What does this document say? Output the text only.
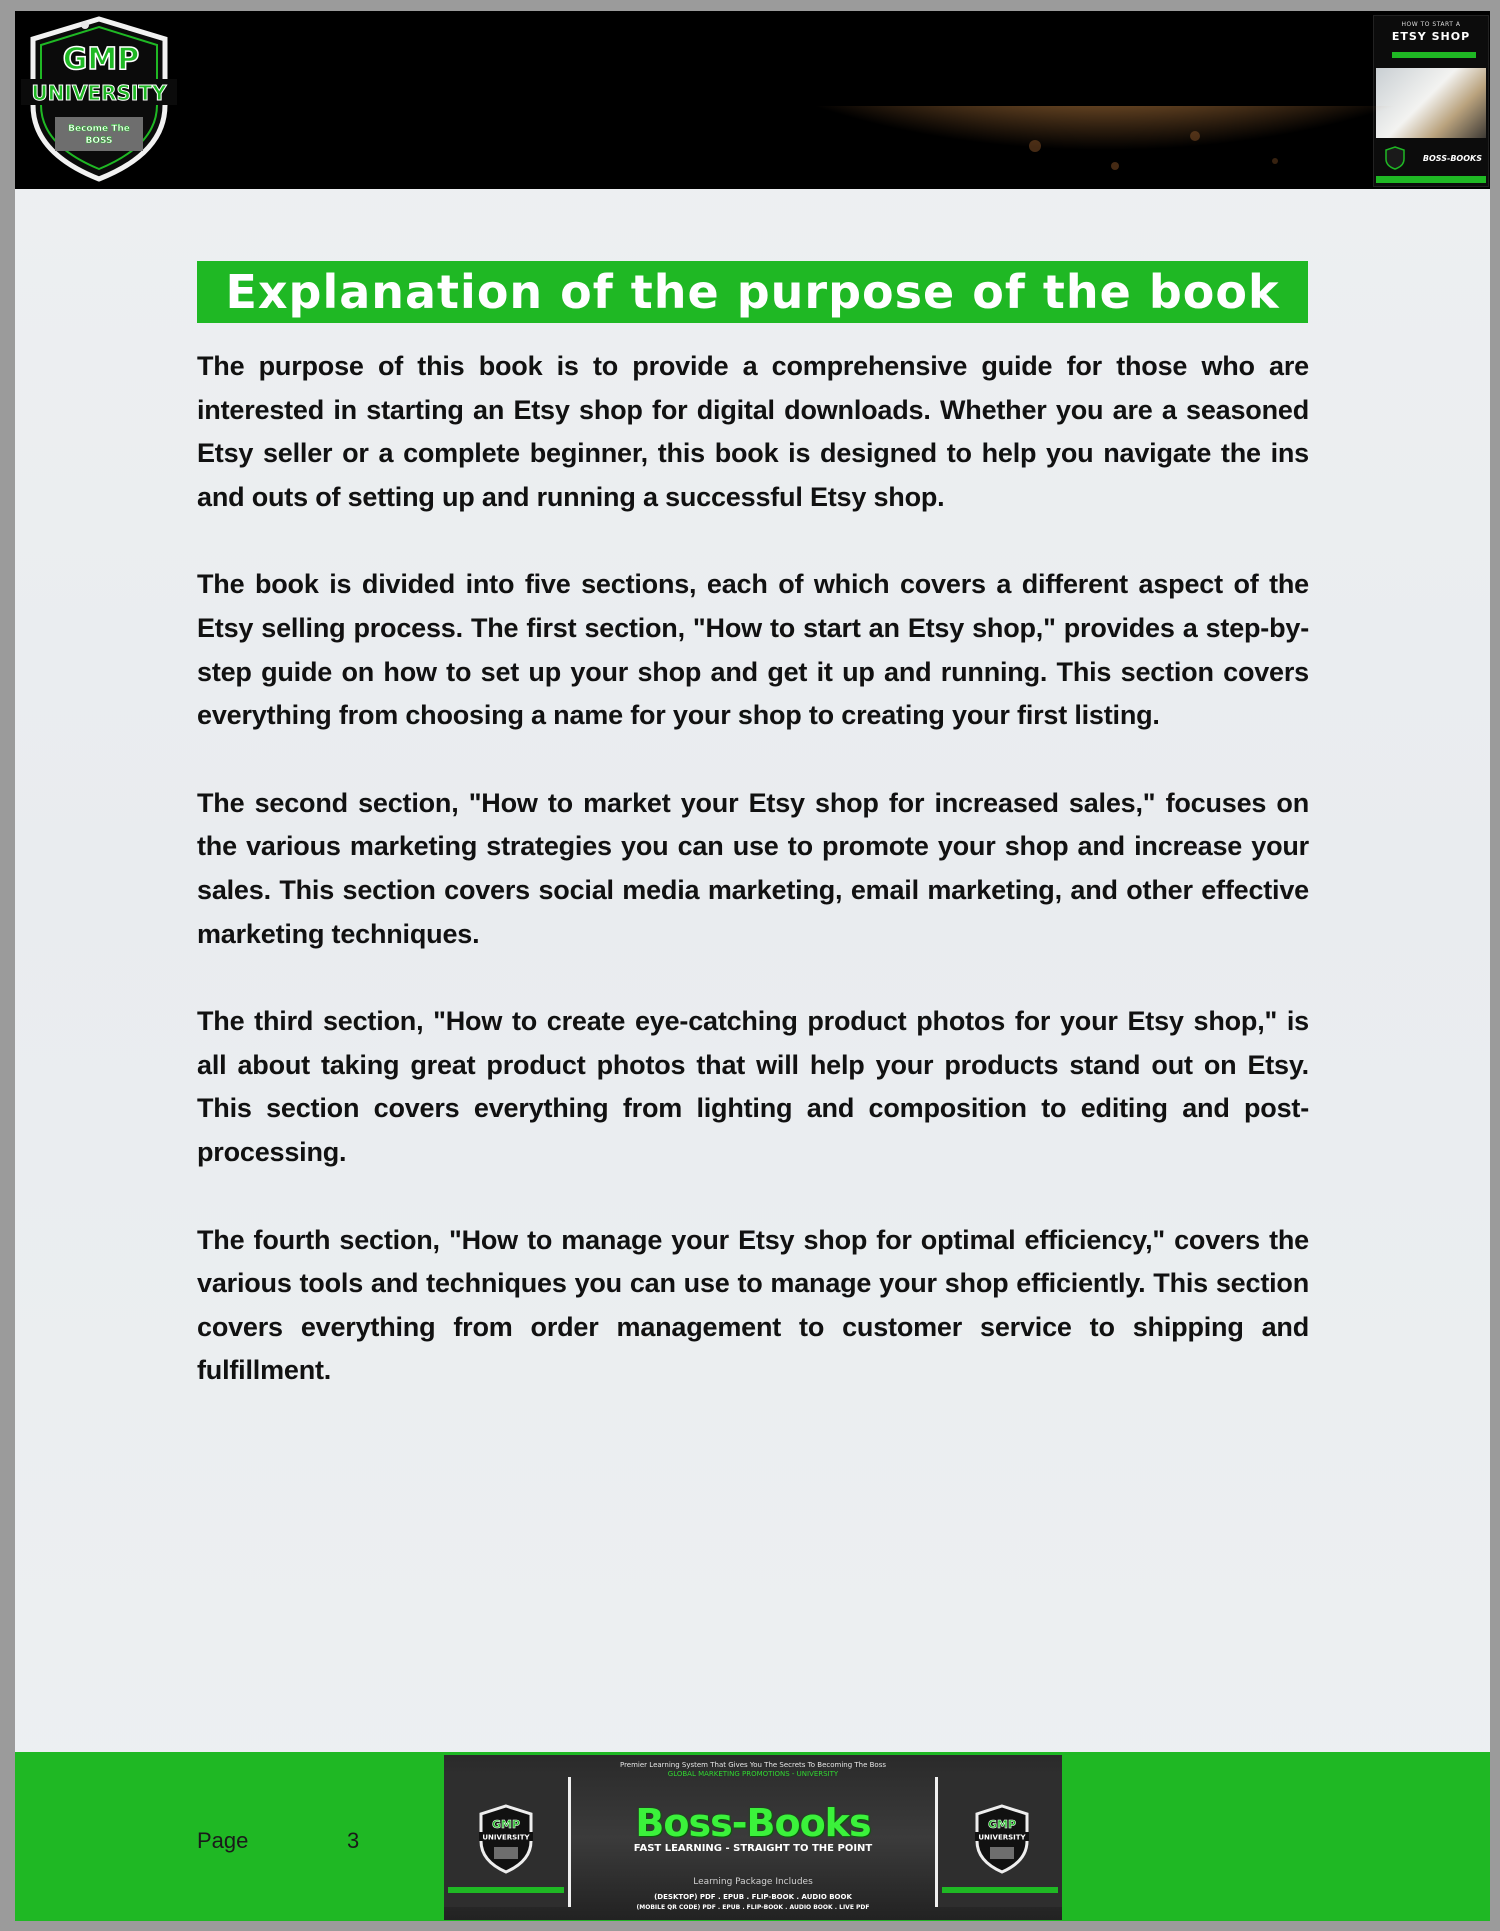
GMP
UNIVERSITY
Become The
BOSS
HOW TO START A
ETSY SHOP
BOSS-BOOKS
Explanation of the purpose of the book

The purpose of this book is to provide a comprehensive guide for those who are interested in starting an Etsy shop for digital downloads. Whether you are a seasoned Etsy seller or a complete beginner, this book is designed to help you navigate the ins and outs of setting up and running a successful Etsy shop.

The book is divided into five sections, each of which covers a different aspect of the Etsy selling process. The first section, "How to start an Etsy shop," provides a step-by-step guide on how to set up your shop and get it up and running. This section covers everything from choosing a name for your shop to creating your first listing.

The second section, "How to market your Etsy shop for increased sales," focuses on the various marketing strategies you can use to promote your shop and increase your sales. This section covers social media marketing, email marketing, and other effective marketing techniques.

The third section, "How to create eye-catching product photos for your Etsy shop," is all about taking great product photos that will help your products stand out on Etsy. This section covers everything from lighting and composition to editing and post-processing.

The fourth section, "How to manage your Etsy shop for optimal efficiency," covers the various tools and techniques you can use to manage your shop efficiently. This section covers everything from order management to customer service to shipping and fulfillment.

Page	3
GMP
UNIVERSITY
GMP
UNIVERSITY
Premier Learning System That Gives You The Secrets To Becoming The Boss
GLOBAL MARKETING PROMOTIONS - UNIVERSITY
Boss-Books
FAST LEARNING - STRAIGHT TO THE POINT
Learning Package Includes
(DESKTOP) PDF . EPUB . FLIP-BOOK . AUDIO BOOK
(MOBILE QR CODE) PDF . EPUB . FLIP-BOOK . AUDIO BOOK . LIVE PDF
